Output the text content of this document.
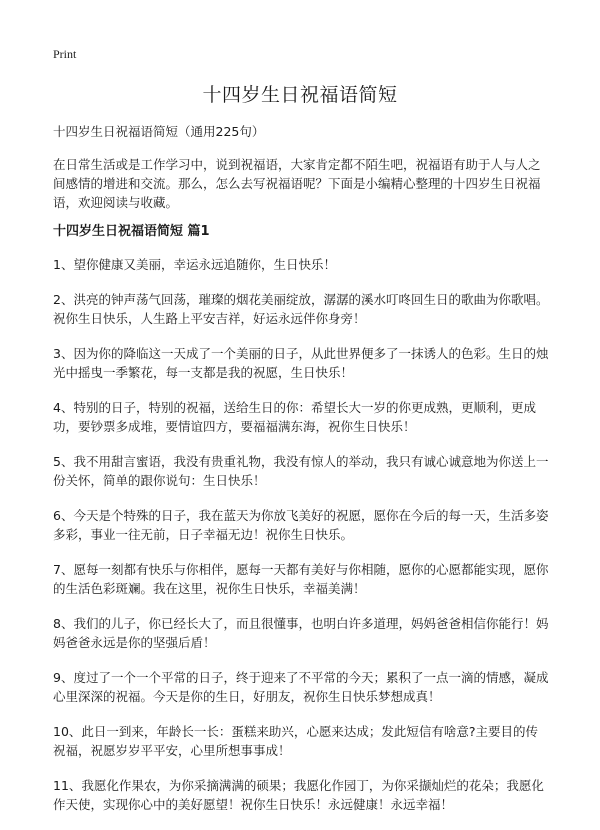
Print
十四岁生日祝福语简短

十四岁生日祝福语简短（通用225句）

在日常生活或是工作学习中，说到祝福语，大家肯定都不陌生吧，祝福语有助于人与人之间感情的增进和交流。那么，怎么去写祝福语呢？下面是小编精心整理的十四岁生日祝福语，欢迎阅读与收藏。

十四岁生日祝福语简短 篇1

1、望你健康又美丽，幸运永远追随你，生日快乐！

2、洪亮的钟声荡气回荡，璀璨的烟花美丽绽放，潺潺的溪水叮咚回生日的歌曲为你歌唱。祝你生日快乐，人生路上平安吉祥，好运永远伴你身旁！

3、因为你的降临这一天成了一个美丽的日子，从此世界便多了一抹诱人的色彩。生日的烛光中摇曳一季繁花，每一支都是我的祝愿，生日快乐！

4、特别的日子，特别的祝福，送给生日的你：希望长大一岁的你更成熟，更顺利，更成功，要钞票多成堆，要情谊四方，要福福满东海，祝你生日快乐！

5、我不用甜言蜜语，我没有贵重礼物，我没有惊人的举动，我只有诚心诚意地为你送上一份关怀，简单的跟你说句：生日快乐！

6、今天是个特殊的日子，我在蓝天为你放飞美好的祝愿，愿你在今后的每一天，生活多姿多彩，事业一往无前，日子幸福无边！祝你生日快乐。

7、愿每一刻都有快乐与你相伴，愿每一天都有美好与你相随，愿你的心愿都能实现，愿你的生活色彩斑斓。我在这里，祝你生日快乐，幸福美满！

8、我们的儿子，你已经长大了，而且很懂事，也明白许多道理，妈妈爸爸相信你能行！妈妈爸爸永远是你的坚强后盾！

9、度过了一个一个平常的日子，终于迎来了不平常的今天；累积了一点一滴的情感，凝成心里深深的祝福。今天是你的生日，好朋友，祝你生日快乐梦想成真！

10、此日一到来，年龄长一长：蛋糕来助兴，心愿来达成；发此短信有啥意?主要目的传祝福，祝愿岁岁平平安，心里所想事事成！

11、我愿化作果农，为你采摘满满的硕果；我愿化作园丁，为你采撷灿烂的花朵；我愿化作天使，实现你心中的美好愿望！祝你生日快乐！永远健康！永远幸福！
